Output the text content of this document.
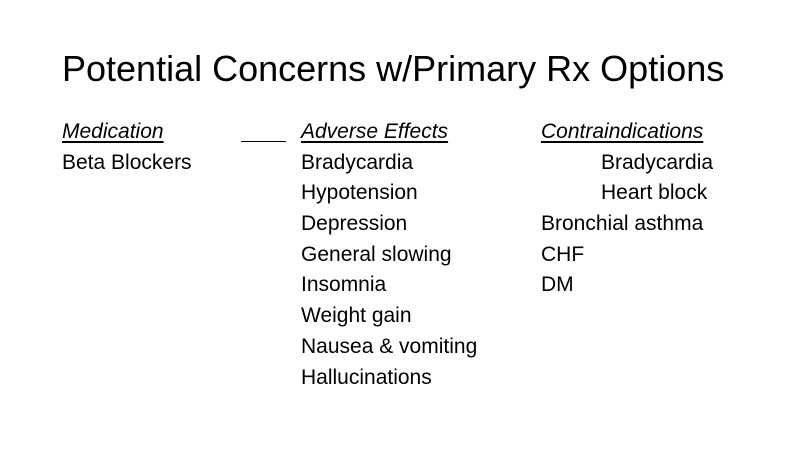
Potential Concerns w/Primary Rx Options
Medication
Beta Blockers
Adverse Effects
Bradycardia
Hypotension
Depression
General slowing
Insomnia
Weight gain
Nausea & vomiting
Hallucinations
Contraindications
Bradycardia
Heart block
Bronchial asthma
CHF
DM
